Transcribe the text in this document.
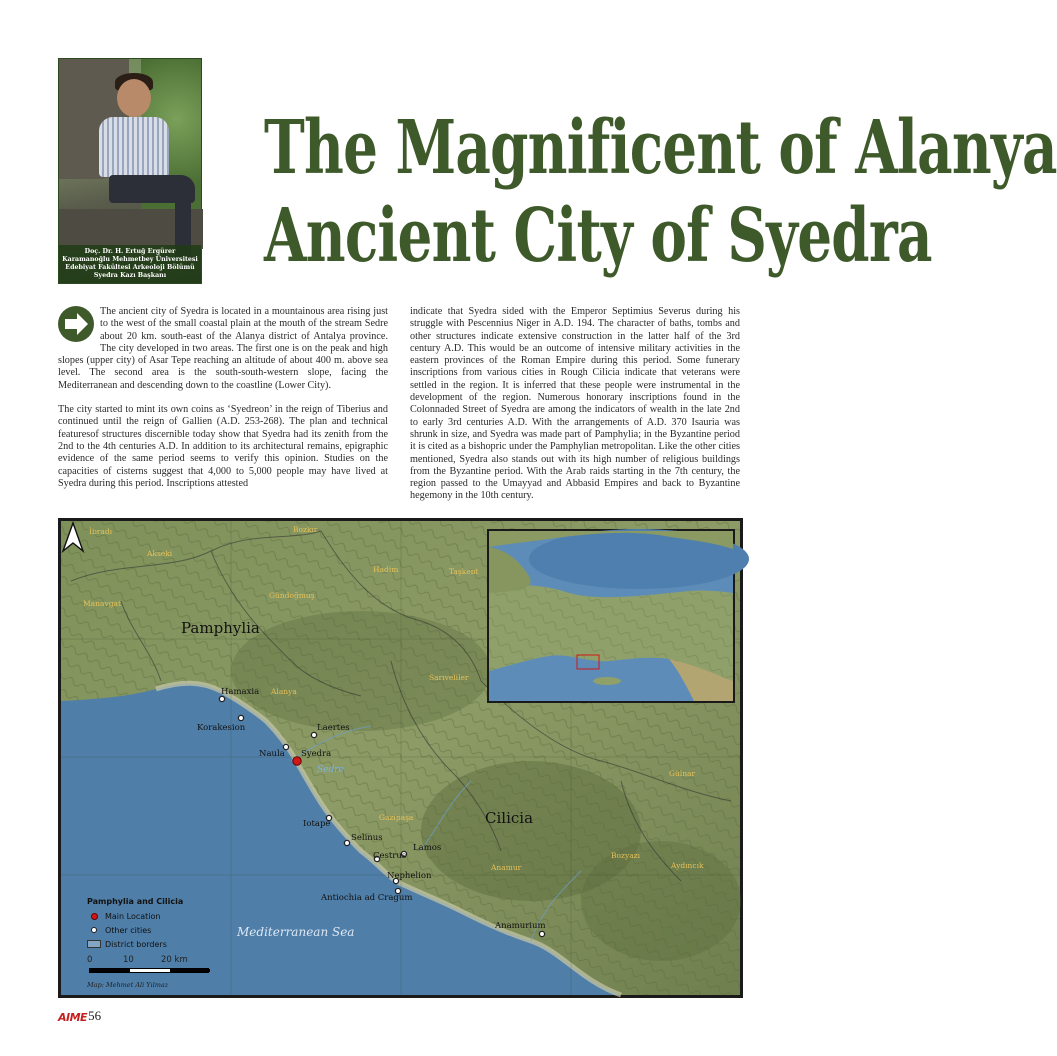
Doç. Dr. H. Ertuğ Ergürer
Karamanoğlu Mehmetbey Üniversitesi
Edebiyat Fakültesi Arkeoloji Bölümü
Syedra Kazı Başkanı
The Magnificent of Alanya
Ancient City of Syedra

The ancient city of Syedra is located in a mountainous area rising just to the west of the small coastal plain at the mouth of the stream Sedre about 20 km. south-east of the Alanya district of Antalya province. The city developed in two areas. The first one is on the peak and high slopes (upper city) of Asar Tepe reaching an altitude of about 400 m. above sea level. The second area is the south-south-western slope, facing the Mediterranean and descending down to the coastline (Lower City).

The city started to mint its own coins as ‘Syedreon’ in the reign of Tiberius and continued until the reign of Gallien (A.D. 253-268). The plan and technical featuresof structures discernible today show that Syedra had its zenith from the 2nd to the 4th centuries A.D. In addition to its architectural remains, epigraphic evidence of the same period seems to verify this opinion. Studies on the capacities of cisterns suggest that 4,000 to 5,000 people may have lived at Syedra during this period. Inscriptions attested

indicate that Syedra sided with the Emperor Septimius Severus during his struggle with Pescennius Niger in A.D. 194. The character of baths, tombs and other structures indicate extensive construction in the latter half of the 3rd century A.D. This would be an outcome of intensive military activities in the eastern provinces of the Roman Empire during this period. Some funerary inscriptions from various cities in Rough Cilicia indicate that veterans were settled in the region. It is inferred that these people were instrumental in the development of the region. Numerous honorary inscriptions found in the Colonnaded Street of Syedra are among the indicators of wealth in the late 2nd to early 3rd centuries A.D. With the arrangements of A.D. 370 Isauria was shrunk in size, and Syedra was made part of Pamphylia; in the Byzantine period it is cited as a bishopric under the Pamphylian metropolitan. Like the other cities mentioned, Syedra also stands out with its high number of religious buildings from the Byzantine period. With the Arab raids starting in the 7th century, the region passed to the Umayyad and Abbasid Empires and back to Byzantine hegemony in the 10th century.

Pamphylia
Cilicia
Mediterranean Sea
Sedre
İbradı
Akseki
Bozkır
Hadim	Taşkent
Manavgat
Gündoğmuş
Alanya
Sarıveliler
Gülnar
Gazipaşa
Anamur
Bozyazı
Aydıncık
Hamaxia
Korakesion	Laertes
Naula Syedra
Iotape
Selinus
Lamos
Cestrus
Nephelion
Antiochia ad Cragum
Anamurium
Pamphylia and Cilicia
Main Location
Other cities
District borders
0	10	20 km
Map: Mehmet Ali Yılmaz
AIME 56
